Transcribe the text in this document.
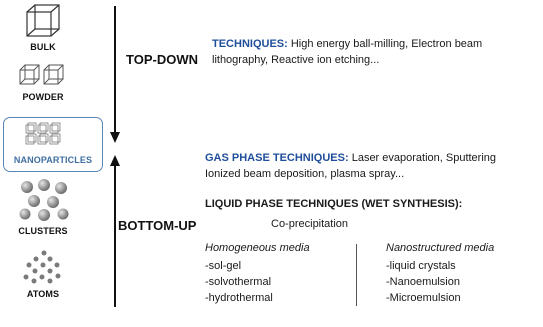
BULK
POWDER
NANOPARTICLES
CLUSTERS
ATOMS
TOP-DOWN
BOTTOM-UP
TECHNIQUES: High energy ball-milling, Electron beam
lithography, Reactive ion etching...
GAS PHASE TECHNIQUES: Laser evaporation, Sputtering
Ionized beam deposition, plasma spray...
LIQUID PHASE TECHNIQUES (WET SYNTHESIS):
Co-precipitation
Homogeneous media
-sol-gel
-solvothermal
-hydrothermal
Nanostructured media
-liquid crystals
-Nanoemulsion
-Microemulsion
